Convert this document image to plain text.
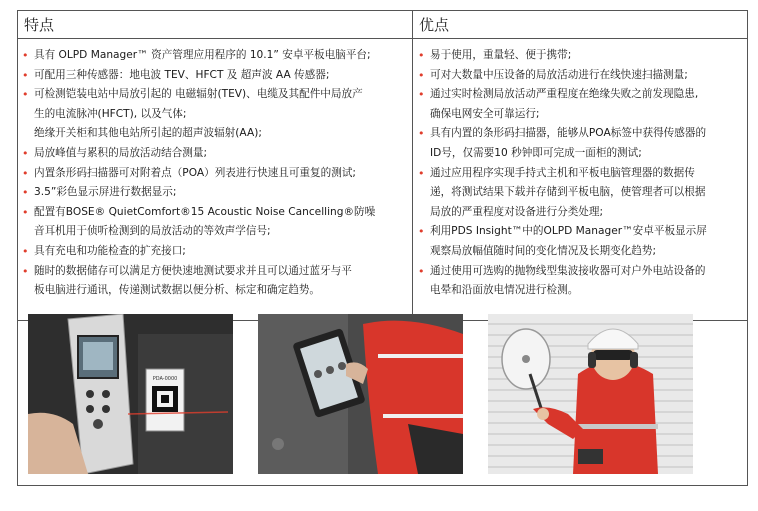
特点	优点
• 具有 OLPD Manager™ 资产管理应用程序的 10.1” 安卓平板电脑平台;
• 可配用三种传感器：地电波 TEV、HFCT 及 超声波 AA 传感器;
• 可检测铠装电站中局放引起的 电磁辐射(TEV)、电缆及其配件中局放产
生的电流脉冲(HFCT), 以及气体;
绝缘开关柜和其他电站所引起的超声波辐射(AA);
• 局放峰值与累积的局放活动结合测量;
• 内置条形码扫描器可对附着点（POA）列表进行快速且可重复的测试;
• 3.5”彩色显示屏进行数据显示;
• 配置有BOSE® QuietComfort®15 Acoustic Noise Cancelling®防噪
音耳机用于侦听检测到的局放活动的等效声学信号;
• 具有充电和功能检查的扩充接口;
• 随时的数据储存可以满足方便快速地测试要求并且可以通过蓝牙与平
板电脑进行通讯，传递测试数据以便分析、标定和确定趋势。
• 易于使用，重量轻、便于携带;
• 可对大数量中压设备的局放活动进行在线快速扫描测量;
• 通过实时检测局放活动严重程度在绝缘失败之前发现隐患,
确保电网安全可靠运行;
• 具有内置的条形码扫描器，能够从POA标签中获得传感器的
ID号，仅需要10 秒钟即可完成一面柜的测试;
• 通过应用程序实现手持式主机和平板电脑管理器的数据传
递，将测试结果下载并存储到平板电脑，使管理者可以根据
局放的严重程度对设备进行分类处理;
• 利用PDS Insight™中的OLPD Manager™安卓平板显示屏
观察局放幅值随时间的变化情况及长期变化趋势;
• 通过使用可选购的抛物线型集波接收器可对户外电站设备的
电晕和沿面放电情况进行检测。
PDA-0000
